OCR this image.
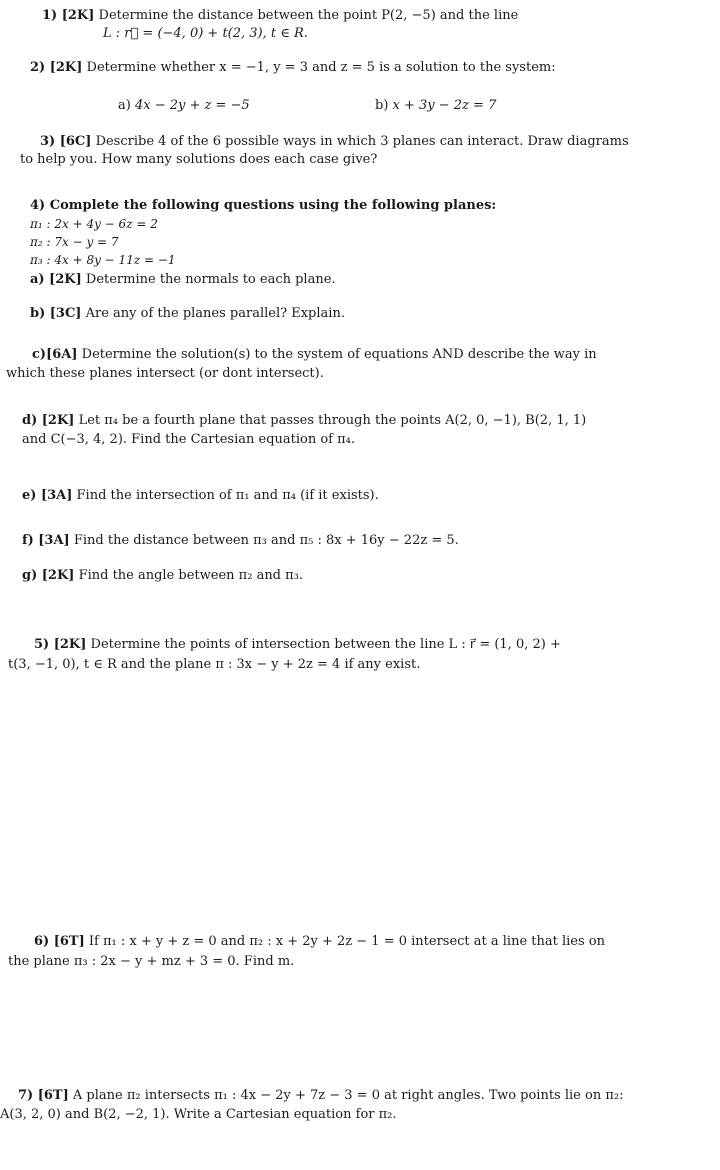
1) [2K] Determine the distance between the point P(2, −5) and the line
L : r⃗ = (−4, 0) + t(2, 3), t ∈ R.
2) [2K] Determine whether x = −1, y = 3 and z = 5 is a solution to the system:
a) 4x − 2y + z = −5	b) x + 3y − 2z = 7
3) [6C] Describe 4 of the 6 possible ways in which 3 planes can interact. Draw diagrams
to help you. How many solutions does each case give?
4) Complete the following questions using the following planes:
π₁ : 2x + 4y − 6z = 2
π₂ : 7x − y = 7
π₃ : 4x + 8y − 11z = −1
a) [2K] Determine the normals to each plane.
b) [3C] Are any of the planes parallel? Explain.
c)[6A] Determine the solution(s) to the system of equations AND describe the way in
which these planes intersect (or dont intersect).
d) [2K] Let π₄ be a fourth plane that passes through the points A(2, 0, −1), B(2, 1, 1)
and C(−3, 4, 2). Find the Cartesian equation of π₄.
e) [3A] Find the intersection of π₁ and π₄ (if it exists).
f) [3A] Find the distance between π₃ and π₅ : 8x + 16y − 22z = 5.
g) [2K] Find the angle between π₂ and π₃.
5) [2K] Determine the points of intersection between the line L : r⃗ = (1, 0, 2) +
t(3, −1, 0), t ∈ R and the plane π : 3x − y + 2z = 4 if any exist.
6) [6T] If π₁ : x + y + z = 0 and π₂ : x + 2y + 2z − 1 = 0 intersect at a line that lies on
the plane π₃ : 2x − y + mz + 3 = 0. Find m.
7) [6T] A plane π₂ intersects π₁ : 4x − 2y + 7z − 3 = 0 at right angles. Two points lie on π₂:
A(3, 2, 0) and B(2, −2, 1). Write a Cartesian equation for π₂.
